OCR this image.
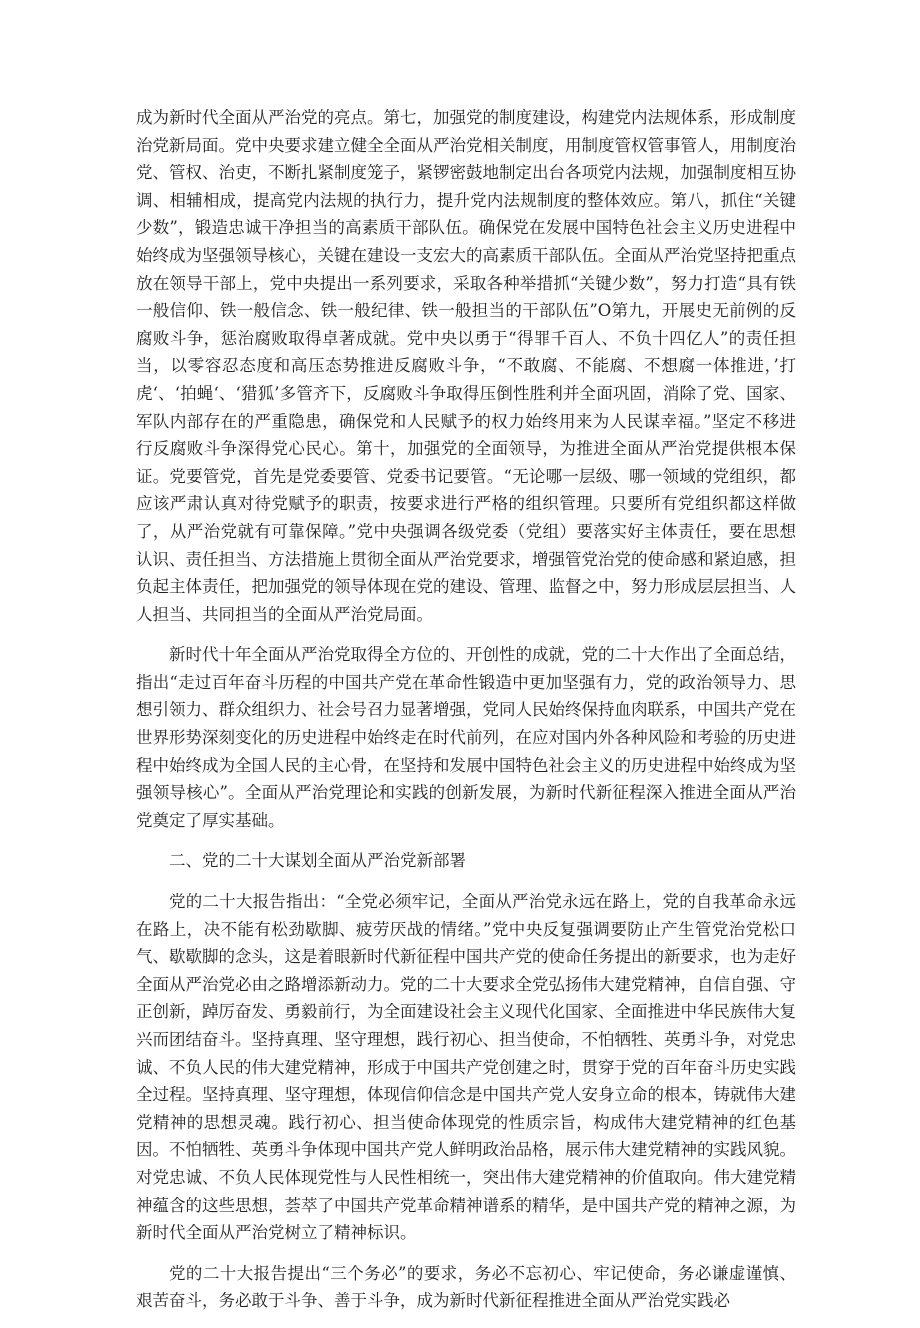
成为新时代全面从严治党的亮点。第七，加强党的制度建设，构建党内法规体系，形成制度治党新局面。党中央要求建立健全全面从严治党相关制度，用制度管权管事管人，用制度治党、管权、治吏，不断扎紧制度笼子，紧锣密鼓地制定出台各项党内法规，加强制度相互协调、相辅相成，提高党内法规的执行力，提升党内法规制度的整体效应。第八，抓住“关键少数”，锻造忠诚干净担当的高素质干部队伍。确保党在发展中国特色社会主义历史进程中始终成为坚强领导核心，关键在建设一支宏大的高素质干部队伍。全面从严治党坚持把重点放在领导干部上，党中央提出一系列要求，采取各种举措抓“关键少数”，努力打造“具有铁一般信仰、铁一般信念、铁一般纪律、铁一般担当的干部队伍”O第九，开展史无前例的反腐败斗争，惩治腐败取得卓著成就。党中央以勇于“得罪千百人、不负十四亿人”的责任担当，以零容忍态度和高压态势推进反腐败斗争，“不敢腐、不能腐、不想腐一体推进，’打虎‘、‘拍蝇‘、‘猎狐’多管齐下，反腐败斗争取得压倒性胜利并全面巩固，消除了党、国家、军队内部存在的严重隐患，确保党和人民赋予的权力始终用来为人民谋幸福。”坚定不移进行反腐败斗争深得党心民心。第十，加强党的全面领导，为推进全面从严治党提供根本保证。党要管党，首先是党委要管、党委书记要管。“无论哪一层级、哪一领域的党组织，都应该严肃认真对待党赋予的职责，按要求进行严格的组织管理。只要所有党组织都这样做了，从严治党就有可靠保障。”党中央强调各级党委（党组）要落实好主体责任，要在思想认识、责任担当、方法措施上贯彻全面从严治党要求，增强管党治党的使命感和紧迫感，担负起主体责任，把加强党的领导体现在党的建设、管理、监督之中，努力形成层层担当、人人担当、共同担当的全面从严治党局面。

新时代十年全面从严治党取得全方位的、开创性的成就，党的二十大作出了全面总结，指出“走过百年奋斗历程的中国共产党在革命性锻造中更加坚强有力，党的政治领导力、思想引领力、群众组织力、社会号召力显著增强，党同人民始终保持血肉联系，中国共产党在世界形势深刻变化的历史进程中始终走在时代前列，在应对国内外各种风险和考验的历史进程中始终成为全国人民的主心骨，在坚持和发展中国特色社会主义的历史进程中始终成为坚强领导核心”。全面从严治党理论和实践的创新发展，为新时代新征程深入推进全面从严治党奠定了厚实基础。

二、党的二十大谋划全面从严治党新部署

党的二十大报告指出：“全党必须牢记，全面从严治党永远在路上，党的自我革命永远在路上，决不能有松劲歇脚、疲劳厌战的情绪。”党中央反复强调要防止产生管党治党松口气、歇歇脚的念头，这是着眼新时代新征程中国共产党的使命任务提出的新要求，也为走好全面从严治党必由之路增添新动力。党的二十大要求全党弘扬伟大建党精神，自信自强、守正创新，踔厉奋发、勇毅前行，为全面建设社会主义现代化国家、全面推进中华民族伟大复兴而团结奋斗。坚持真理、坚守理想，践行初心、担当使命，不怕牺牲、英勇斗争，对党忠诚、不负人民的伟大建党精神，形成于中国共产党创建之时，贯穿于党的百年奋斗历史实践全过程。坚持真理、坚守理想，体现信仰信念是中国共产党人安身立命的根本，铸就伟大建党精神的思想灵魂。践行初心、担当使命体现党的性质宗旨，构成伟大建党精神的红色基因。不怕牺牲、英勇斗争体现中国共产党人鲜明政治品格，展示伟大建党精神的实践风貌。对党忠诚、不负人民体现党性与人民性相统一，突出伟大建党精神的价值取向。伟大建党精神蕴含的这些思想，荟萃了中国共产党革命精神谱系的精华，是中国共产党的精神之源，为新时代全面从严治党树立了精神标识。

党的二十大报告提出“三个务必”的要求，务必不忘初心、牢记使命，务必谦虚谨慎、艰苦奋斗，务必敢于斗争、善于斗争，成为新时代新征程推进全面从严治党实践必
